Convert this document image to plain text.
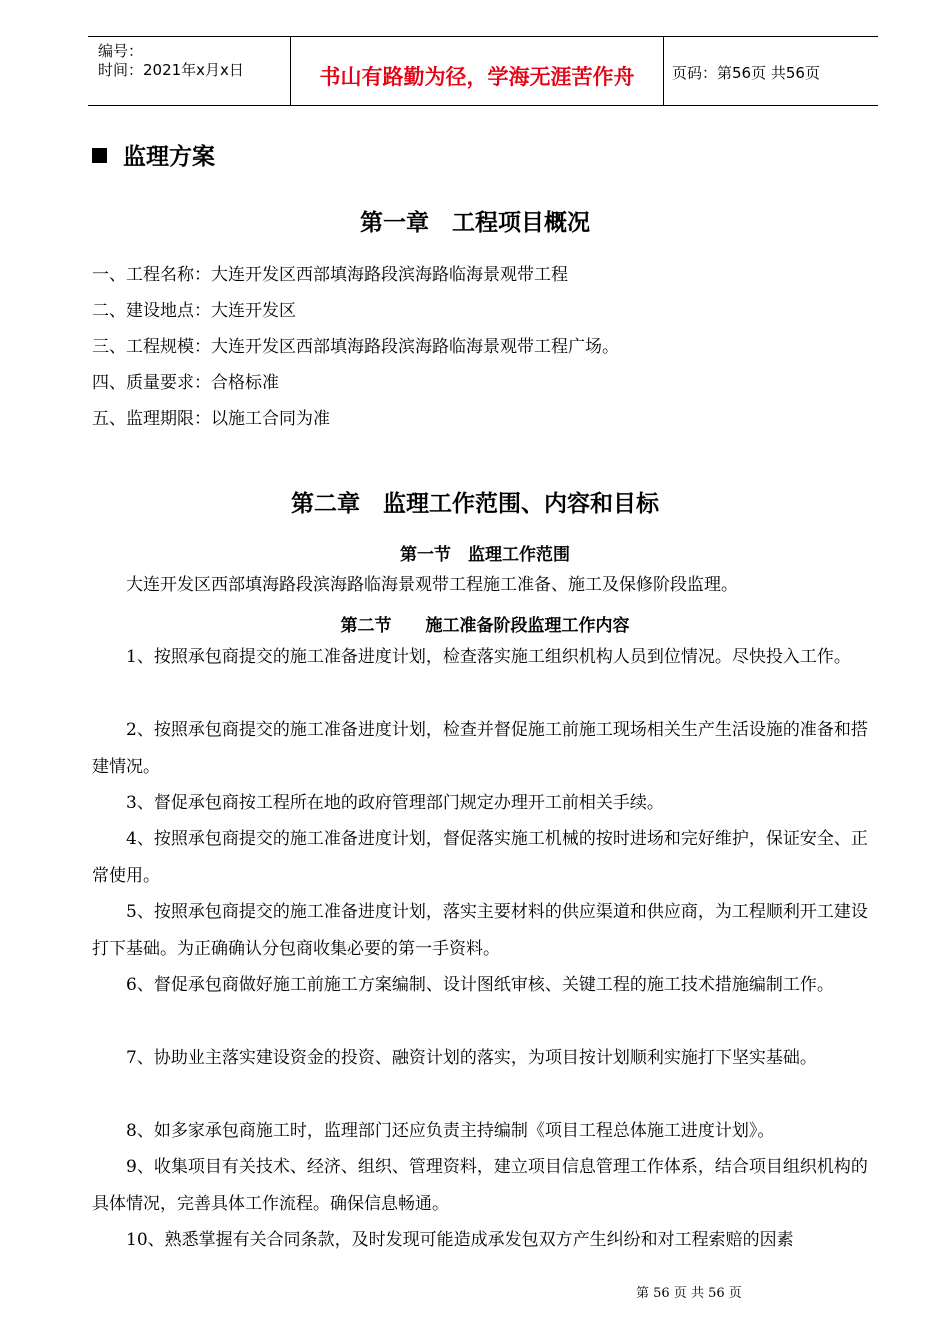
编号：
时间：2021年x月x日	书山有路勤为径，学海无涯苦作舟	页码：第56页 共56页
监理方案
第一章　工程项目概况
一、工程名称：大连开发区西部填海路段滨海路临海景观带工程
二、建设地点：大连开发区
三、工程规模：大连开发区西部填海路段滨海路临海景观带工程广场。
四、质量要求：合格标准
五、监理期限：以施工合同为准
第二章　监理工作范围、内容和目标
第一节　监理工作范围
大连开发区西部填海路段滨海路临海景观带工程施工准备、施工及保修阶段监理。
第二节　　施工准备阶段监理工作内容
1、按照承包商提交的施工准备进度计划，检查落实施工组织机构人员到位情况。尽快投入工作。
2、按照承包商提交的施工准备进度计划，检查并督促施工前施工现场相关生产生活设施的准备和搭建情况。
3、督促承包商按工程所在地的政府管理部门规定办理开工前相关手续。
4、按照承包商提交的施工准备进度计划，督促落实施工机械的按时进场和完好维护，保证安全、正常使用。
5、按照承包商提交的施工准备进度计划，落实主要材料的供应渠道和供应商，为工程顺利开工建设打下基础。为正确确认分包商收集必要的第一手资料。
6、督促承包商做好施工前施工方案编制、设计图纸审核、关键工程的施工技术措施编制工作。
7、协助业主落实建设资金的投资、融资计划的落实，为项目按计划顺利实施打下坚实基础。
8、如多家承包商施工时，监理部门还应负责主持编制《项目工程总体施工进度计划》。
9、收集项目有关技术、经济、组织、管理资料，建立项目信息管理工作体系，结合项目组织机构的具体情况，完善具体工作流程。确保信息畅通。
10、熟悉掌握有关合同条款，及时发现可能造成承发包双方产生纠纷和对工程索赔的因素
第 56 页 共 56 页
